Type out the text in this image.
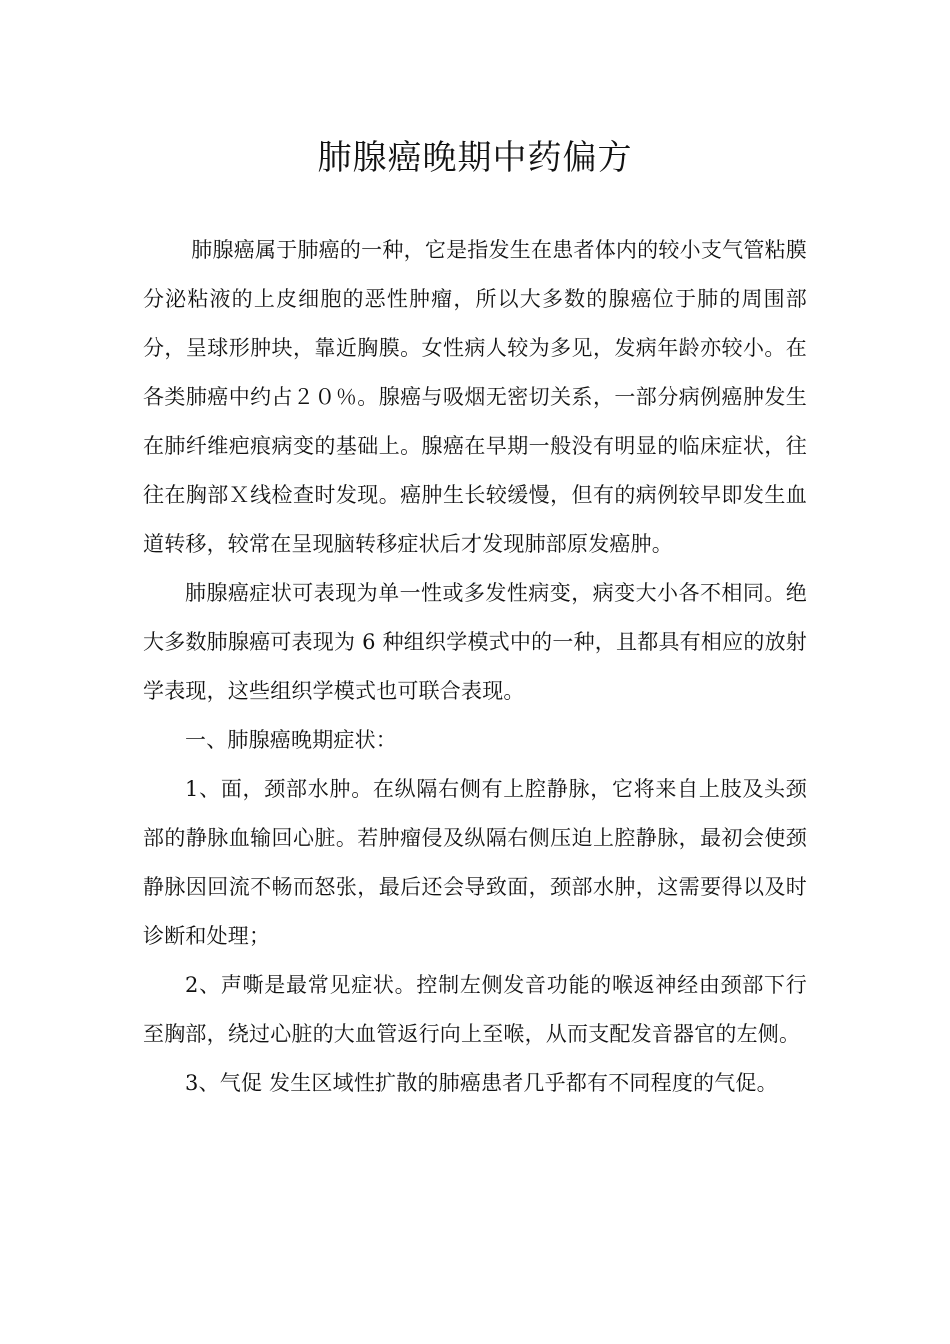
肺腺癌晚期中药偏方

肺腺癌属于肺癌的一种，它是指发生在患者体内的较小支气管粘膜分泌粘液的上皮细胞的恶性肿瘤，所以大多数的腺癌位于肺的周围部分，呈球形肿块，靠近胸膜。女性病人较为多见，发病年龄亦较小。在各类肺癌中约占２０％。腺癌与吸烟无密切关系，一部分病例癌肿发生在肺纤维疤痕病变的基础上。腺癌在早期一般没有明显的临床症状，往往在胸部Ｘ线检查时发现。癌肿生长较缓慢，但有的病例较早即发生血道转移，较常在呈现脑转移症状后才发现肺部原发癌肿。

肺腺癌症状可表现为单一性或多发性病变，病变大小各不相同。绝大多数肺腺癌可表现为 6 种组织学模式中的一种，且都具有相应的放射学表现，这些组织学模式也可联合表现。

一、肺腺癌晚期症状：

1、面，颈部水肿。在纵隔右侧有上腔静脉，它将来自上肢及头颈部的静脉血输回心脏。若肿瘤侵及纵隔右侧压迫上腔静脉，最初会使颈静脉因回流不畅而怒张，最后还会导致面，颈部水肿，这需要得以及时诊断和处理；

2、声嘶是最常见症状。控制左侧发音功能的喉返神经由颈部下行至胸部，绕过心脏的大血管返行向上至喉，从而支配发音器官的左侧。

3、气促 发生区域性扩散的肺癌患者几乎都有不同程度的气促。
